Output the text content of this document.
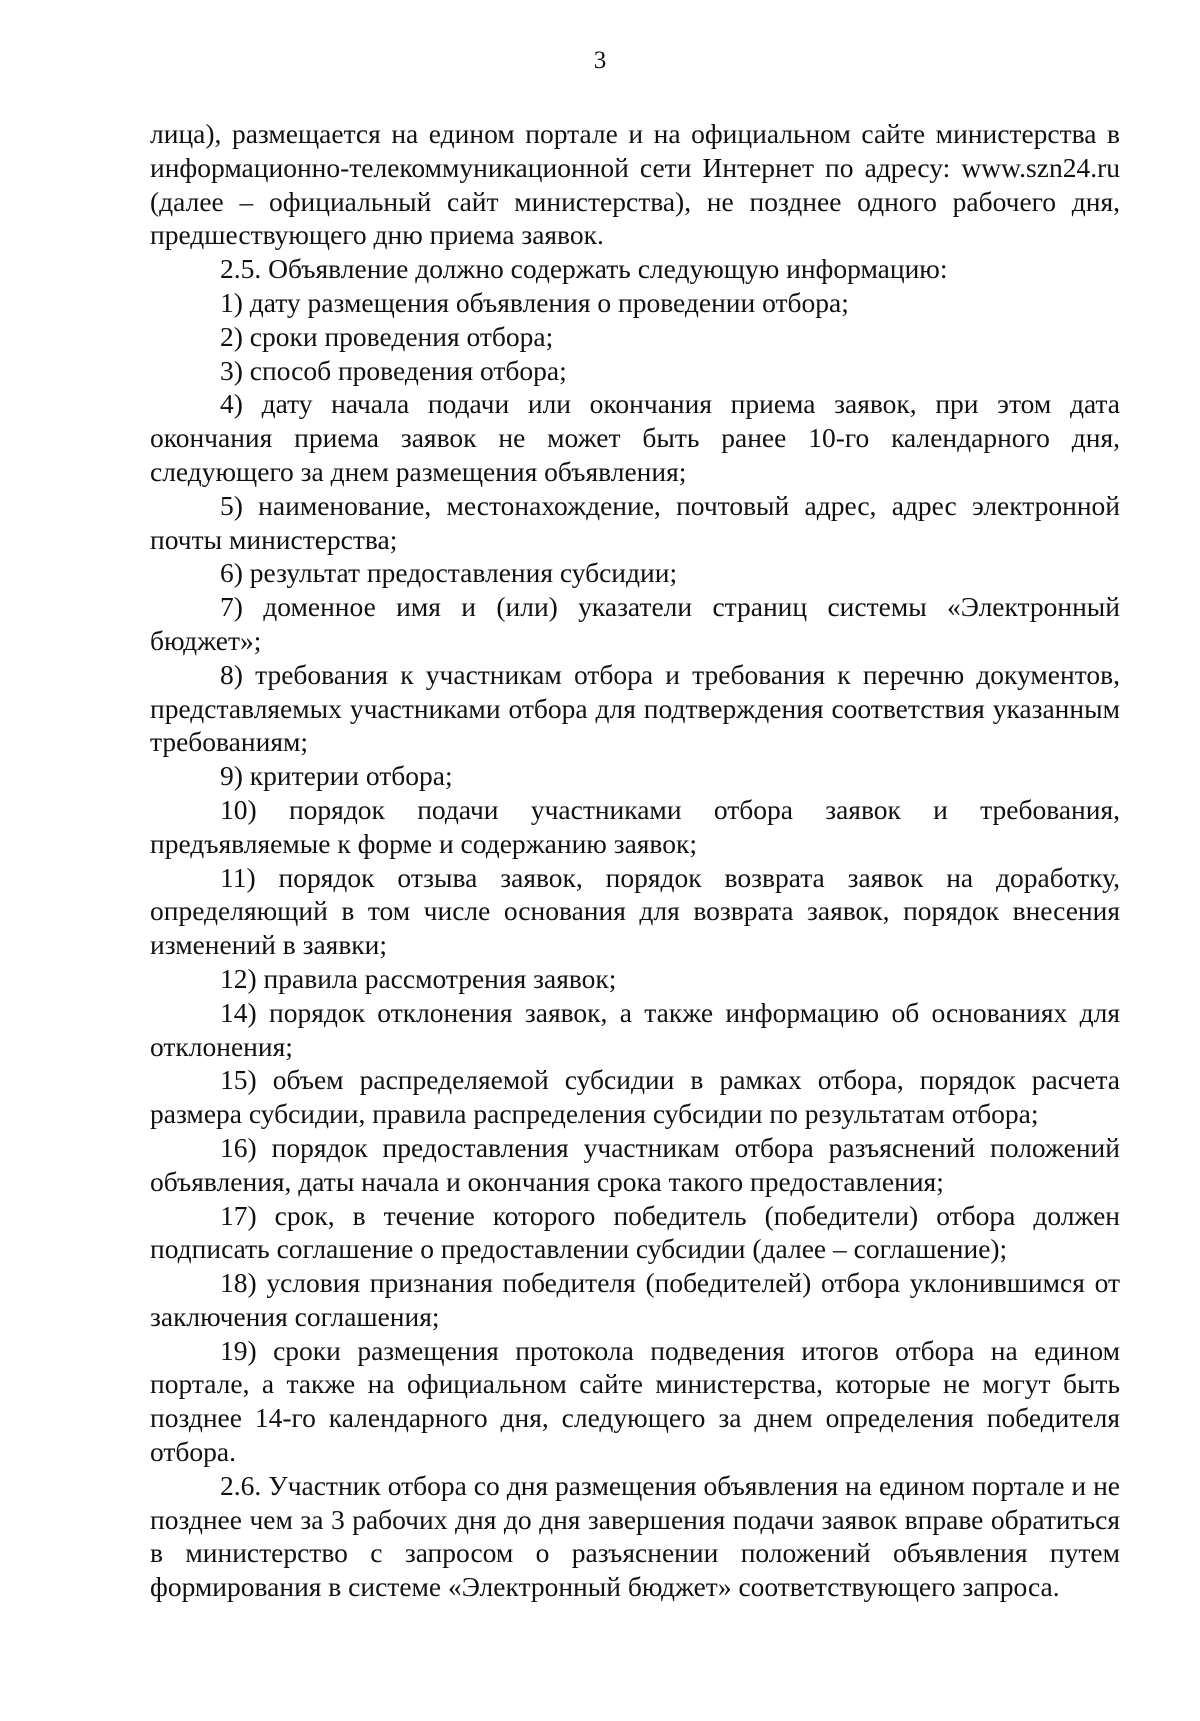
3

лица), размещается на едином портале и на официальном сайте министерства в информационно-телекоммуникационной сети Интернет по адресу: www.szn24.ru (далее – официальный сайт министерства), не позднее одного рабочего дня, предшествующего дню приема заявок.

2.5. Объявление должно содержать следующую информацию:

1) дату размещения объявления о проведении отбора;

2) сроки проведения отбора;

3) способ проведения отбора;

4) дату начала подачи или окончания приема заявок, при этом дата окончания приема заявок не может быть ранее 10-го календарного дня, следующего за днем размещения объявления;

5) наименование, местонахождение, почтовый адрес, адрес электронной почты министерства;

6) результат предоставления субсидии;

7) доменное имя и (или) указатели страниц системы «Электронный бюджет»;

8) требования к участникам отбора и требования к перечню документов, представляемых участниками отбора для подтверждения соответствия указанным требованиям;

9) критерии отбора;

10) порядок подачи участниками отбора заявок и требования, предъявляемые к форме и содержанию заявок;

11) порядок отзыва заявок, порядок возврата заявок на доработку, определяющий в том числе основания для возврата заявок, порядок внесения изменений в заявки;

12) правила рассмотрения заявок;

14) порядок отклонения заявок, а также информацию об основаниях для отклонения;

15) объем распределяемой субсидии в рамках отбора, порядок расчета размера субсидии, правила распределения субсидии по результатам отбора;

16) порядок предоставления участникам отбора разъяснений положений объявления, даты начала и окончания срока такого предоставления;

17) срок, в течение которого победитель (победители) отбора должен подписать соглашение о предоставлении субсидии (далее – соглашение);

18) условия признания победителя (победителей) отбора уклонившимся от заключения соглашения;

19) сроки размещения протокола подведения итогов отбора на едином портале, а также на официальном сайте министерства, которые не могут быть позднее 14-го календарного дня, следующего за днем определения победителя отбора.

2.6. Участник отбора со дня размещения объявления на едином портале и не позднее чем за 3 рабочих дня до дня завершения подачи заявок вправе обратиться в министерство с запросом о разъяснении положений объявления путем формирования в системе «Электронный бюджет» соответствующего запроса.
